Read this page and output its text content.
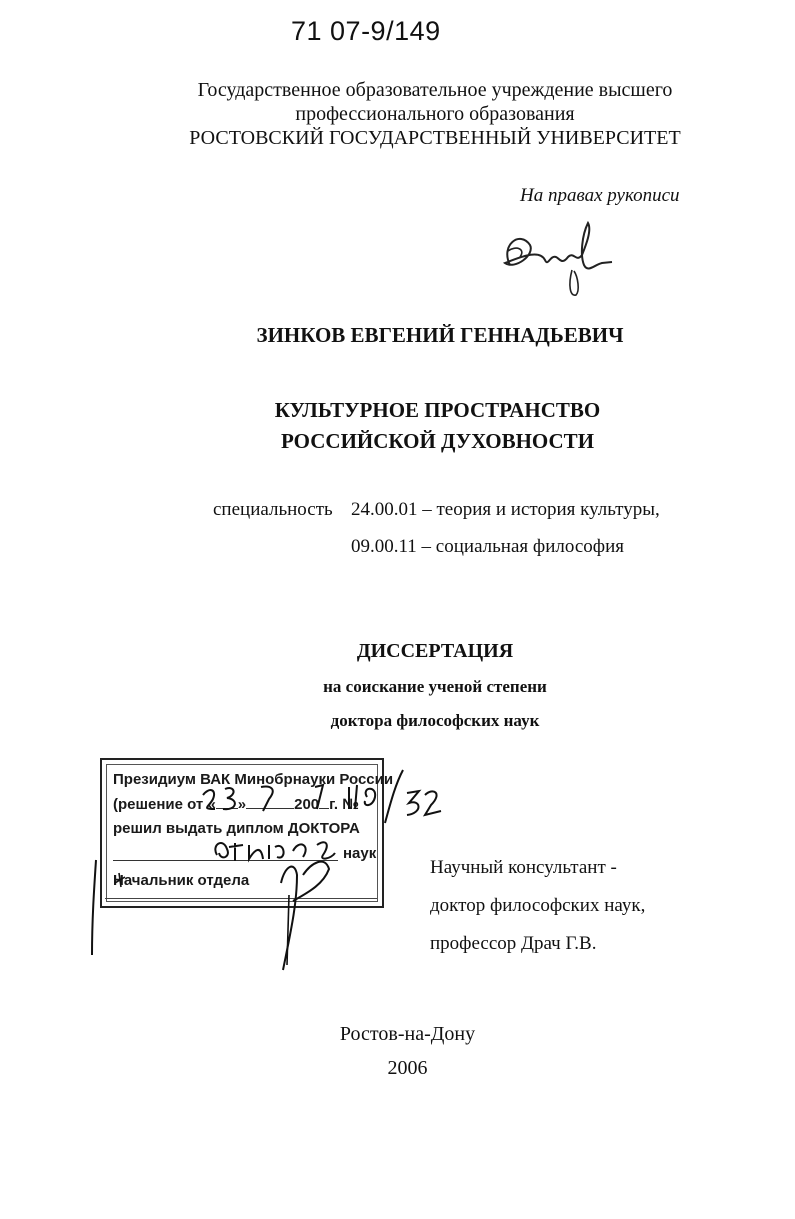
71 07-9/149
Государственное образовательное учреждение высшего
профессионального образования
РОСТОВСКИЙ ГОСУДАРСТВЕННЫЙ УНИВЕРСИТЕТ
На правах рукописи
ЗИНКОВ ЕВГЕНИЙ ГЕННАДЬЕВИЧ
КУЛЬТУРНОЕ ПРОСТРАНСТВО
РОССИЙСКОЙ ДУХОВНОСТИ
специальность 24.00.01 – теория и история культуры,
09.00.11 – социальная философия
ДИССЕРТАЦИЯ
на соискание ученой степени
доктора философских наук
Президиум ВАК Минобрнауки России
(решение от « »	200 г. №
решил выдать диплом ДОКТОРА
наук
Начальник отдела
Научный консультант -
доктор философских наук,
профессор Драч Г.В.
Ростов-на-Дону
2006
